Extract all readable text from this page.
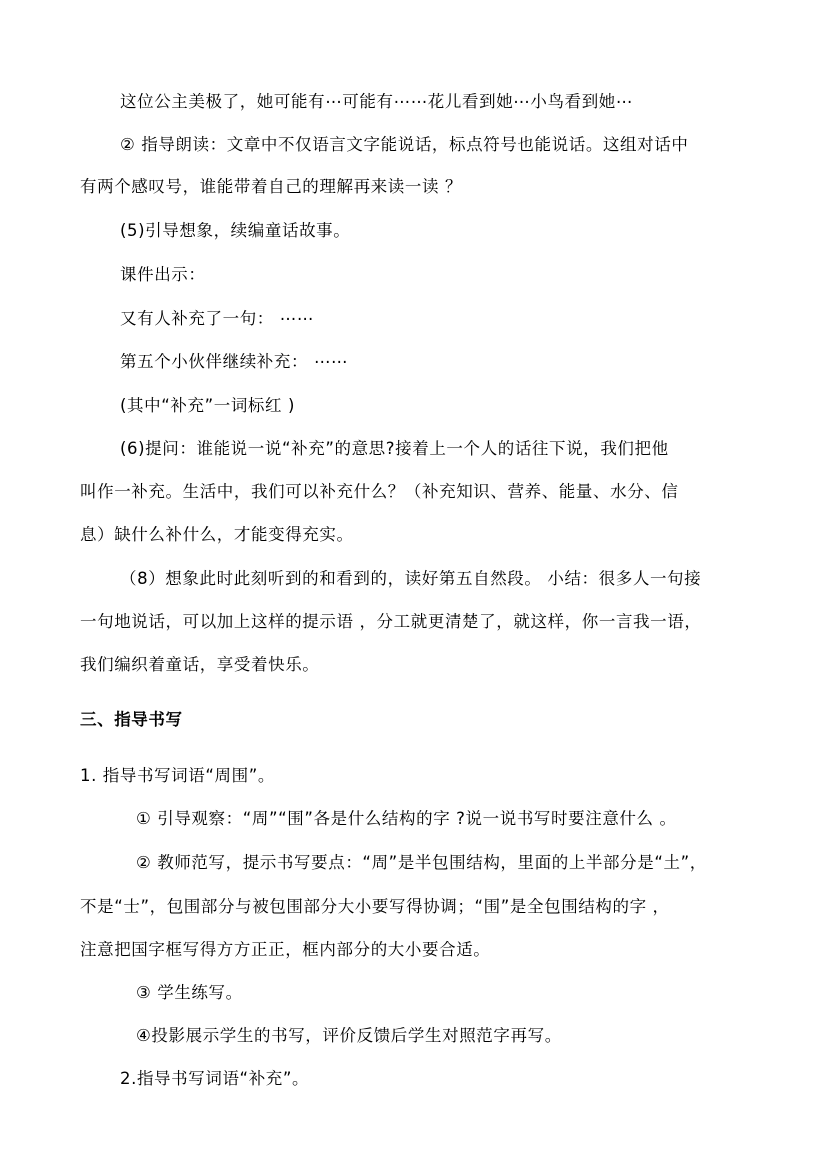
这位公主美极了，她可能有⋯可能有⋯⋯花儿看到她⋯小鸟看到她⋯
② 指导朗读：文章中不仅语言文字能说话，标点符号也能说话。这组对话中
有两个感叹号，谁能带着自己的理解再来读一读 ？
(5)引导想象，续编童话故事。
课件出示：
又有人补充了一句： ⋯⋯
第五个小伙伴继续补充： ⋯⋯
(其中“补充”一词标红 )
(6)提问：谁能说一说“补充”的意思?接着上一个人的话往下说，我们把他
叫作一补充。生活中，我们可以补充什么？（补充知识、营养、能量、水分、信
息）缺什么补什么，才能变得充实。
（8）想象此时此刻听到的和看到的，读好第五自然段。 小结：很多人一句接
一句地说话，可以加上这样的提示语 ，分工就更清楚了，就这样，你一言我一语，
我们编织着童话，享受着快乐。
三、指导书写
1. 指导书写词语“周围”。
① 引导观察：“周”“围”各是什么结构的字 ?说一说书写时要注意什么 。
② 教师范写，提示书写要点：“周”是半包围结构，里面的上半部分是“土”，
不是“士”，包围部分与被包围部分大小要写得协调；“围”是全包围结构的字 ，
注意把国字框写得方方正正，框内部分的大小要合适。
③ 学生练写。
④投影展示学生的书写，评价反馈后学生对照范字再写。
2.指导书写词语“补充”。
